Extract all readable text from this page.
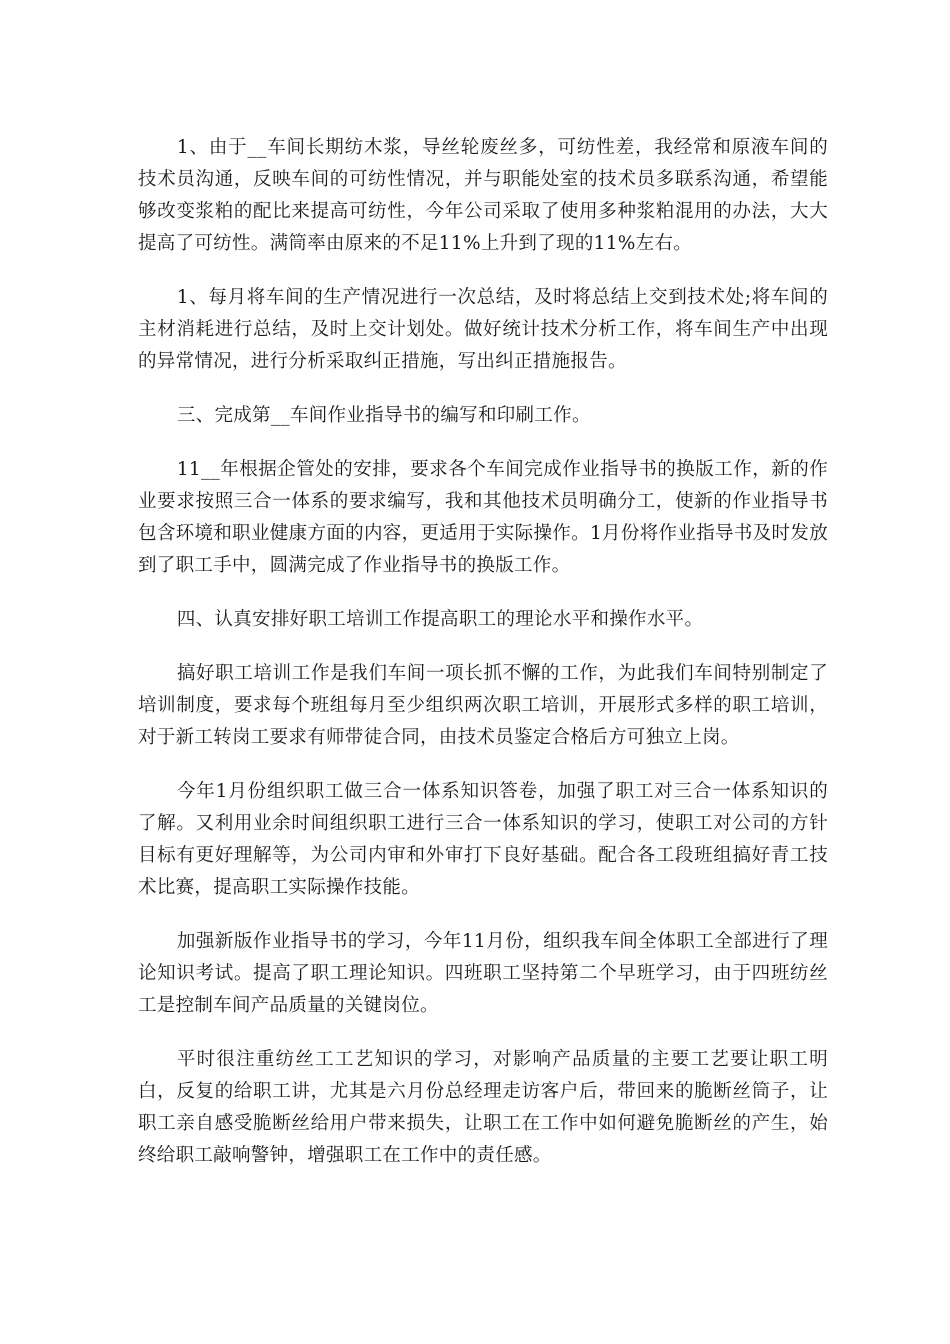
1、由于__车间长期纺木浆，导丝轮废丝多，可纺性差，我经常和原液车间的技术员沟通，反映车间的可纺性情况，并与职能处室的技术员多联系沟通，希望能够改变浆粕的配比来提高可纺性，今年公司采取了使用多种浆粕混用的办法，大大提高了可纺性。满筒率由原来的不足11%上升到了现的11%左右。

1、每月将车间的生产情况进行一次总结，及时将总结上交到技术处;将车间的主材消耗进行总结，及时上交计划处。做好统计技术分析工作，将车间生产中出现的异常情况，进行分析采取纠正措施，写出纠正措施报告。

三、完成第__车间作业指导书的编写和印刷工作。

11__年根据企管处的安排，要求各个车间完成作业指导书的换版工作，新的作业要求按照三合一体系的要求编写，我和其他技术员明确分工，使新的作业指导书包含环境和职业健康方面的内容，更适用于实际操作。1月份将作业指导书及时发放到了职工手中，圆满完成了作业指导书的换版工作。

四、认真安排好职工培训工作提高职工的理论水平和操作水平。

搞好职工培训工作是我们车间一项长抓不懈的工作，为此我们车间特别制定了培训制度，要求每个班组每月至少组织两次职工培训，开展形式多样的职工培训，对于新工转岗工要求有师带徒合同，由技术员鉴定合格后方可独立上岗。

今年1月份组织职工做三合一体系知识答卷，加强了职工对三合一体系知识的了解。又利用业余时间组织职工进行三合一体系知识的学习，使职工对公司的方针目标有更好理解等，为公司内审和外审打下良好基础。配合各工段班组搞好青工技术比赛，提高职工实际操作技能。

加强新版作业指导书的学习，今年11月份，组织我车间全体职工全部进行了理论知识考试。提高了职工理论知识。四班职工坚持第二个早班学习，由于四班纺丝工是控制车间产品质量的关键岗位。

平时很注重纺丝工工艺知识的学习，对影响产品质量的主要工艺要让职工明白，反复的给职工讲，尤其是六月份总经理走访客户后，带回来的脆断丝筒子，让职工亲自感受脆断丝给用户带来损失，让职工在工作中如何避免脆断丝的产生，始终给职工敲响警钟，增强职工在工作中的责任感。
